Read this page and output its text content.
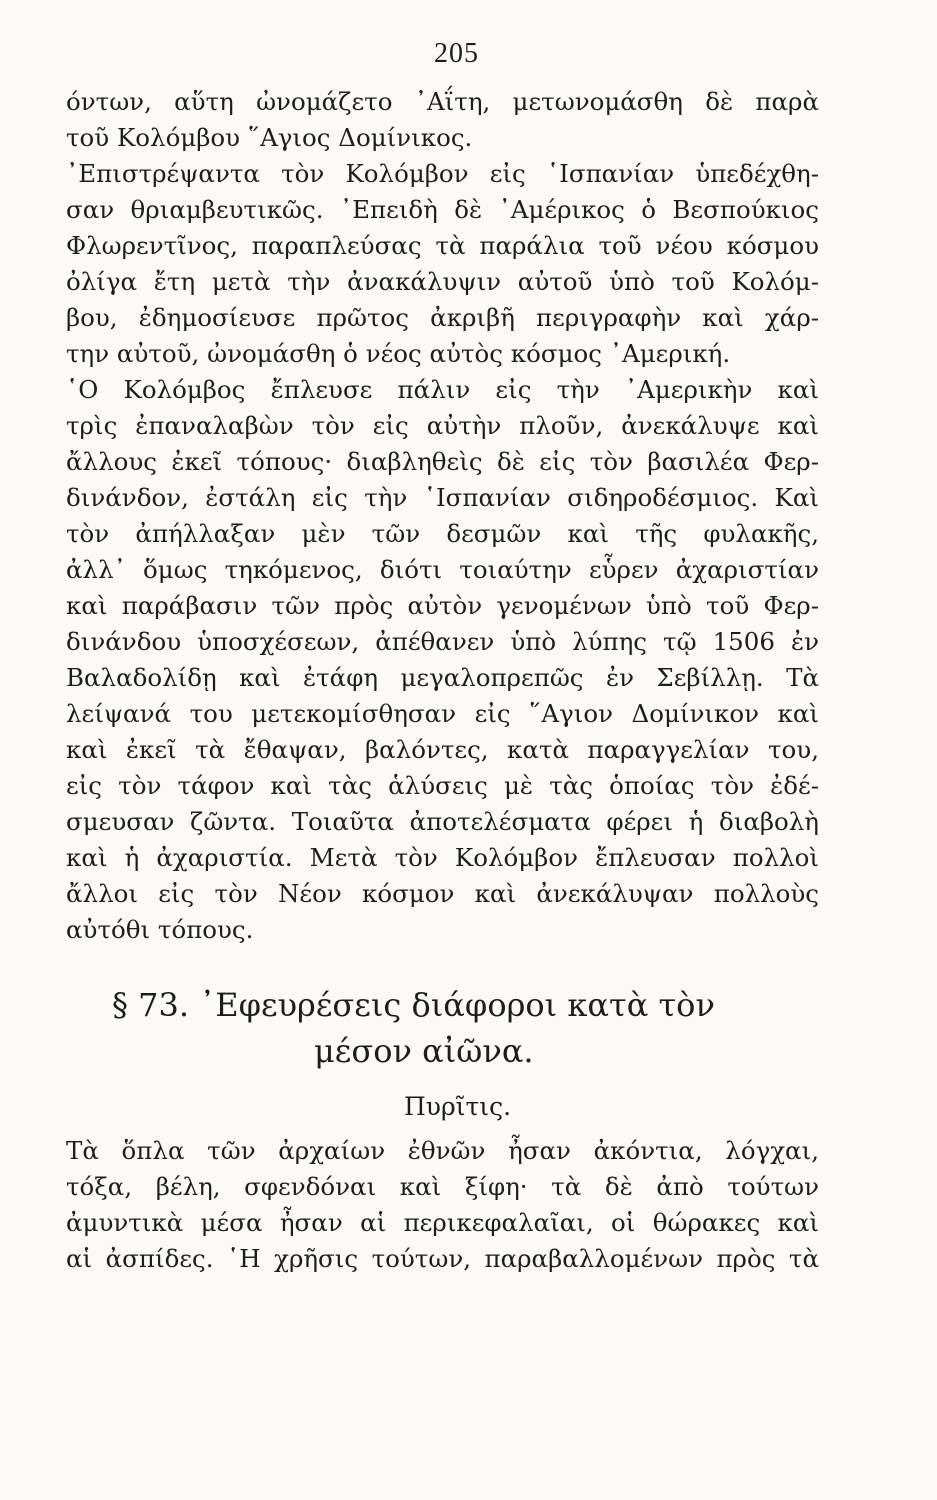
205
όντων, αὕτη ὠνομάζετο ᾿Αΐτη, μετωνομάσθη δὲ παρὰ
τοῦ Κολόμβου ῞Αγιος Δομίνικος.
᾿Επιστρέψαντα τὸν Κολόμβον εἰς ῾Ισπανίαν ὑπεδέχθη-
σαν θριαμβευτικῶς. ᾿Επειδὴ δὲ ᾿Αμέρικος ὁ Βεσπούκιος
Φλωρεντῖνος, παραπλεύσας τὰ παράλια τοῦ νέου κόσμου
ὀλίγα ἔτη μετὰ τὴν ἀνακάλυψιν αὐτοῦ ὑπὸ τοῦ Κολόμ-
βου, ἐδημοσίευσε πρῶτος ἀκριβῆ περιγραφὴν καὶ χάρ-
την αὐτοῦ, ὠνομάσθη ὁ νέος αὐτὸς κόσμος ᾿Αμερική.
῾Ο Κολόμβος ἔπλευσε πάλιν εἰς τὴν ᾿Αμερικὴν καὶ
τρὶς ἐπαναλαβὼν τὸν εἰς αὐτὴν πλοῦν, ἀνεκάλυψε καὶ
ἄλλους ἐκεῖ τόπους· διαβληθεὶς δὲ εἰς τὸν βασιλέα Φερ-
δινάνδον, ἐστάλη εἰς τὴν ῾Ισπανίαν σιδηροδέσμιος. Καὶ
τὸν ἀπήλλαξαν μὲν τῶν δεσμῶν καὶ τῆς φυλακῆς,
ἀλλ᾿ ὅμως τηκόμενος, διότι τοιαύτην εὗρεν ἀχαριστίαν
καὶ παράβασιν τῶν πρὸς αὐτὸν γενομένων ὑπὸ τοῦ Φερ-
δινάνδου ὑποσχέσεων, ἀπέθανεν ὑπὸ λύπης τῷ 1506 ἐν
Βαλαδολίδῃ καὶ ἐτάφη μεγαλοπρεπῶς ἐν Σεβίλλῃ. Τὰ
λείψανά του μετεκομίσθησαν εἰς ῞Αγιον Δομίνικον καὶ
καὶ ἐκεῖ τὰ ἔθαψαν, βαλόντες, κατὰ παραγγελίαν του,
εἰς τὸν τάφον καὶ τὰς ἁλύσεις μὲ τὰς ὁποίας τὸν ἐδέ-
σμευσαν ζῶντα. Τοιαῦτα ἀποτελέσματα φέρει ἡ διαβολὴ
καὶ ἡ ἀχαριστία. Μετὰ τὸν Κολόμβον ἔπλευσαν πολλοὶ
ἄλλοι εἰς τὸν Νέον κόσμον καὶ ἀνεκάλυψαν πολλοὺς
αὐτόθι τόπους.
§ 73. ᾿Εφευρέσεις διάφοροι κατὰ τὸν
μέσον αἰῶνα.
Πυρῖτις.
Τὰ ὅπλα τῶν ἀρχαίων ἐθνῶν ἦσαν ἀκόντια, λόγχαι,
τόξα, βέλη, σφενδόναι καὶ ξίφη· τὰ δὲ ἀπὸ τούτων
ἀμυντικὰ μέσα ἦσαν αἱ περικεφαλαῖαι, οἱ θώρακες καὶ
αἱ ἀσπίδες. ῾Η χρῆσις τούτων, παραβαλλομένων πρὸς τὰ
